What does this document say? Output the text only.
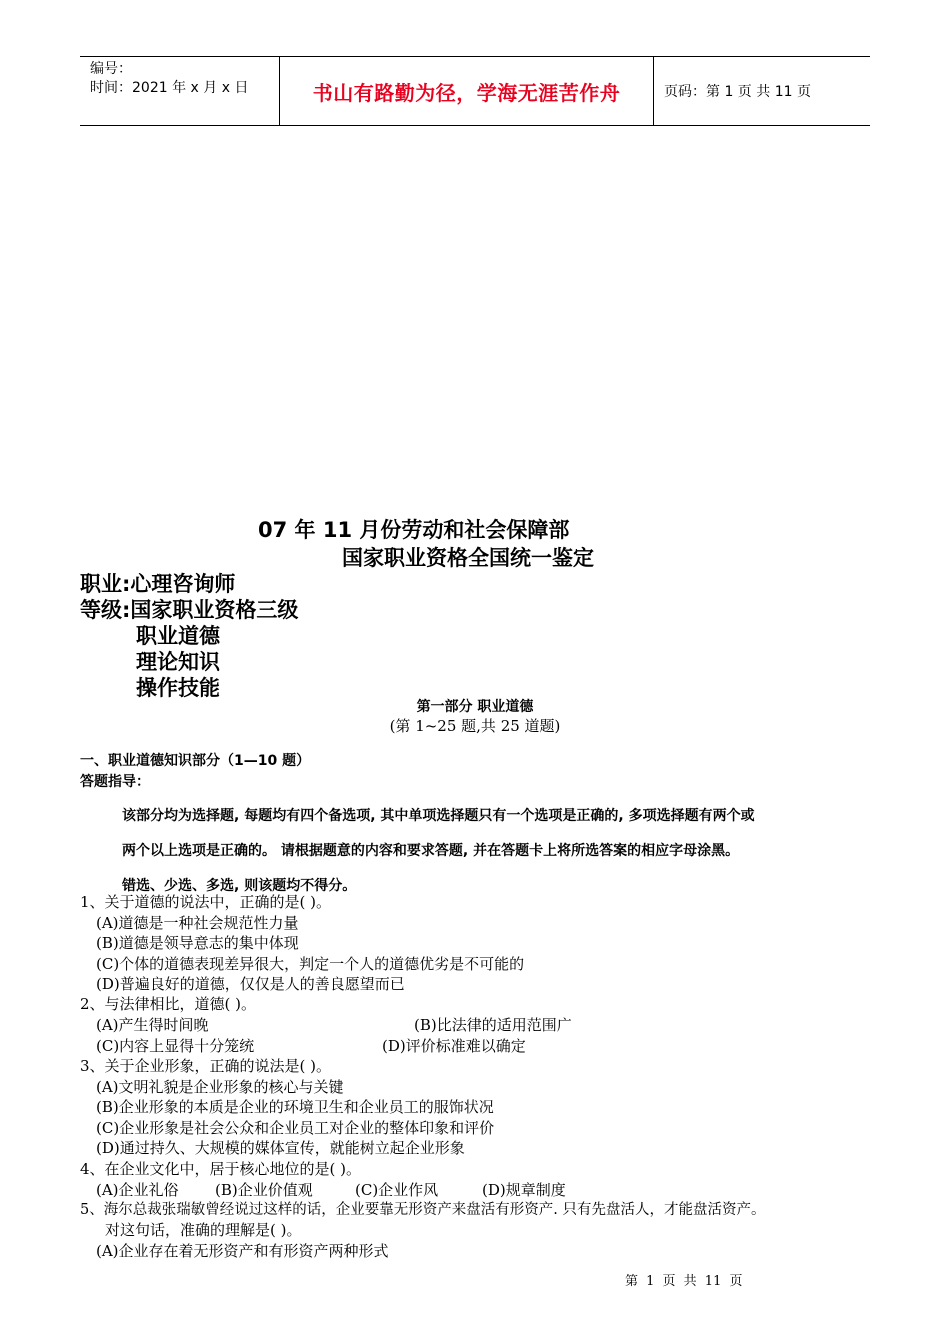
编号：
时间：2021 年 x 月 x 日	书山有路勤为径，学海无涯苦作舟	页码：第 1 页 共 11 页
07 年 11 月份劳动和社会保障部
国家职业资格全国统一鉴定
职业:心理咨询师
等级:国家职业资格三级
职业道德
理论知识
操作技能
第一部分 职业道德
(第 1~25 题,共 25 道题)
一、职业道德知识部分（1—10 题）
答题指导：
该部分均为选择题, 每题均有四个备选项, 其中单项选择题只有一个选项是正确的, 多项选择题有两个或
两个以上选项是正确的。 请根据题意的内容和要求答题, 并在答题卡上将所选答案的相应字母涂黑。
错选、少选、多选, 则该题均不得分。
1、关于道德的说法中，正确的是( )。
(A)道德是一种社会规范性力量
(B)道德是领导意志的集中体现
(C)个体的道德表现差异很大，判定一个人的道德优劣是不可能的
(D)普遍良好的道德，仅仅是人的善良愿望而已
2、与法律相比，道德( )。
(A)产生得时间晚	(B)比法律的适用范围广
(C)内容上显得十分笼统	(D)评价标准难以确定
3、关于企业形象，正确的说法是( )。
(A)文明礼貌是企业形象的核心与关键
(B)企业形象的本质是企业的环境卫生和企业员工的服饰状况
(C)企业形象是社会公众和企业员工对企业的整体印象和评价
(D)通过持久、大规模的媒体宣传，就能树立起企业形象
4、在企业文化中，居于核心地位的是( )。
(A)企业礼俗 (B)企业价值观	(C)企业作风	(D)规章制度
5、海尔总裁张瑞敏曾经说过这样的话，企业要靠无形资产来盘活有形资产. 只有先盘活人，才能盘活资产。
对这句话，准确的理解是( )。
(A)企业存在着无形资产和有形资产两种形式
第 1 页 共 11 页
